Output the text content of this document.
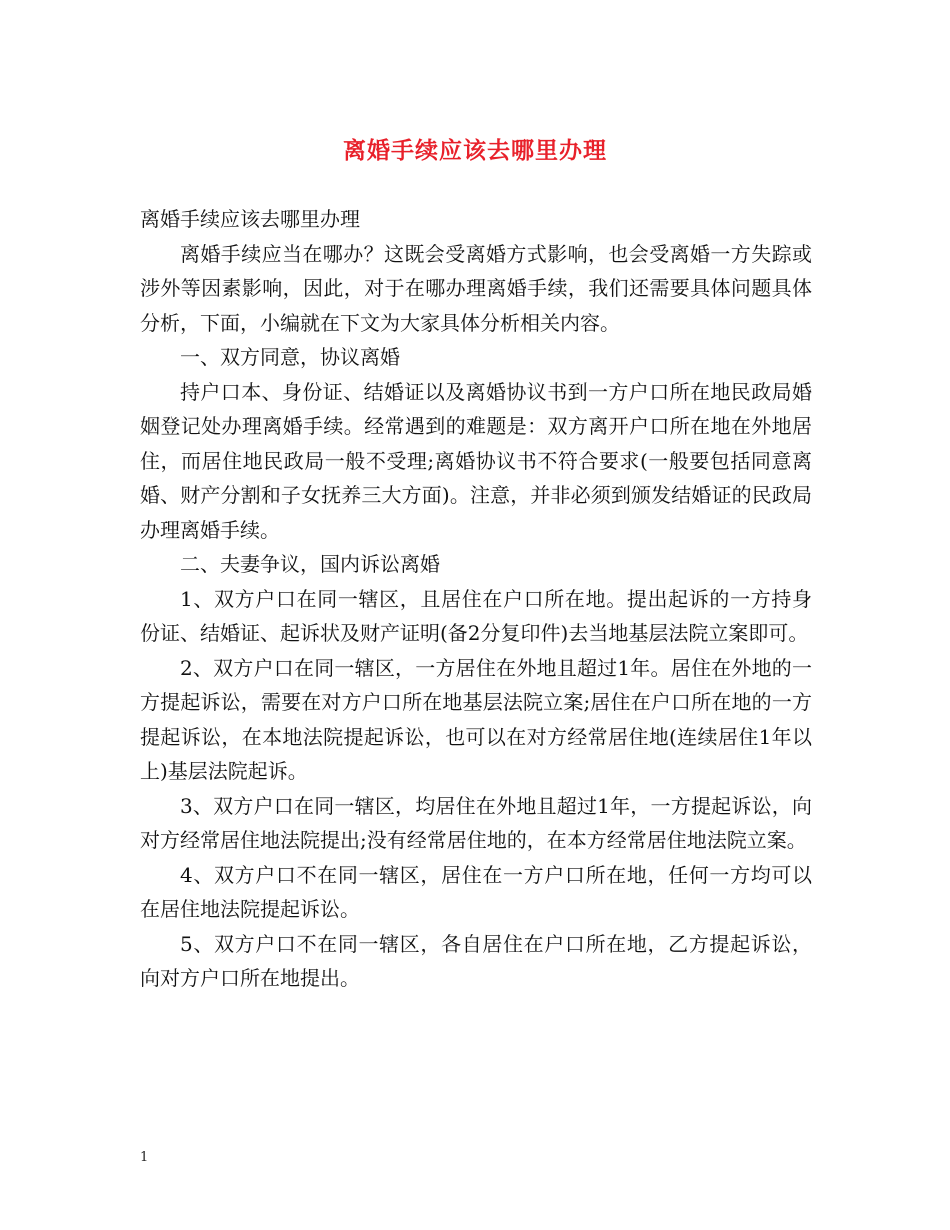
离婚手续应该去哪里办理

离婚手续应该去哪里办理

离婚手续应当在哪办？这既会受离婚方式影响，也会受离婚一方失踪或涉外等因素影响，因此，对于在哪办理离婚手续，我们还需要具体问题具体分析，下面，小编就在下文为大家具体分析相关内容。

一、双方同意，协议离婚

持户口本、身份证、结婚证以及离婚协议书到一方户口所在地民政局婚姻登记处办理离婚手续。经常遇到的难题是：双方离开户口所在地在外地居住，而居住地民政局一般不受理;离婚协议书不符合要求(一般要包括同意离婚、财产分割和子女抚养三大方面)。注意，并非必须到颁发结婚证的民政局办理离婚手续。

二、夫妻争议，国内诉讼离婚

1、双方户口在同一辖区，且居住在户口所在地。提出起诉的一方持身份证、结婚证、起诉状及财产证明(备2分复印件)去当地基层法院立案即可。

2、双方户口在同一辖区，一方居住在外地且超过1年。居住在外地的一方提起诉讼，需要在对方户口所在地基层法院立案;居住在户口所在地的一方提起诉讼，在本地法院提起诉讼，也可以在对方经常居住地(连续居住1年以上)基层法院起诉。

3、双方户口在同一辖区，均居住在外地且超过1年，一方提起诉讼，向对方经常居住地法院提出;没有经常居住地的，在本方经常居住地法院立案。

4、双方户口不在同一辖区，居住在一方户口所在地，任何一方均可以在居住地法院提起诉讼。

5、双方户口不在同一辖区，各自居住在户口所在地，乙方提起诉讼，向对方户口所在地提出。

1
